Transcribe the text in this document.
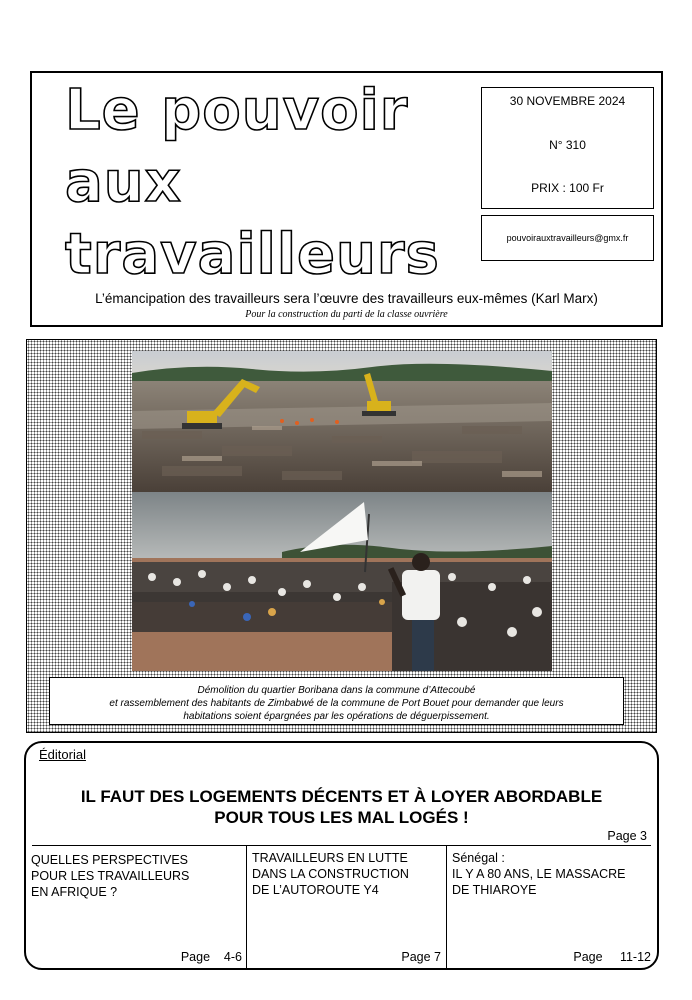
Le pouvoir
aux
travailleurs
30 NOVEMBRE 2024
N° 310
PRIX : 100 Fr
pouvoirauxtravailleurs@gmx.fr
L’émancipation des travailleurs sera l’œuvre des travailleurs eux-mêmes (Karl Marx)
Pour la construction du parti de la classe ouvrière
Démolition du quartier Boribana dans la commune d’Attecoubé
et rassemblement des habitants de Zimbabwé de la commune de Port Bouet pour demander que leurs
habitations soient épargnées par les opérations de déguerpissement.
Éditorial
IL FAUT DES LOGEMENTS DÉCENTS ET À LOYER ABORDABLE
POUR TOUS LES MAL LOGÉS !
Page 3
QUELLES PERSPECTIVES
POUR LES TRAVAILLEURS
EN AFRIQUE ?
Page    4-6
TRAVAILLEURS EN LUTTE
DANS LA CONSTRUCTION
DE L’AUTOROUTE Y4
Page 7
Sénégal :
IL Y A 80 ANS, LE MASSACRE
DE THIAROYE
Page     11-12
